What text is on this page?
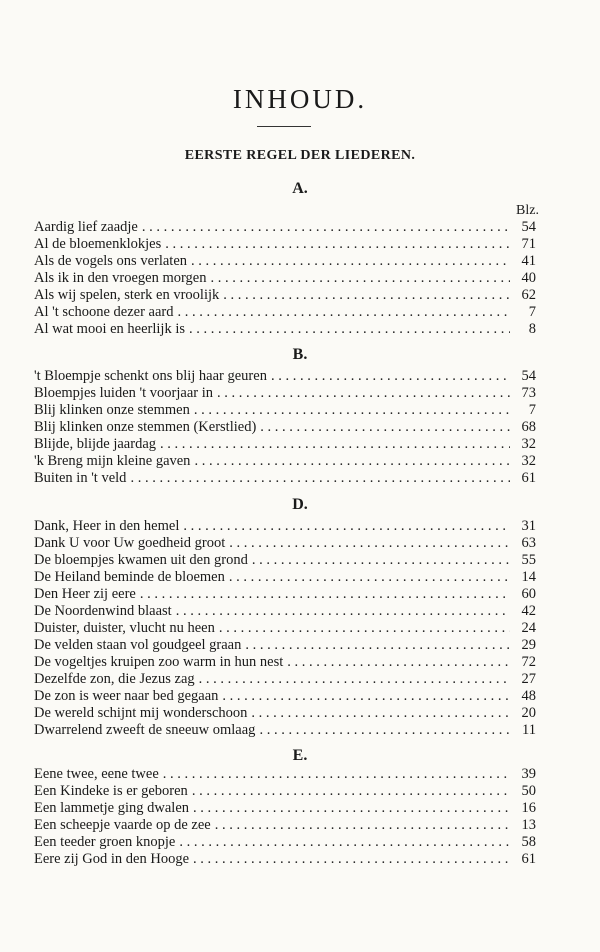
INHOUD.
EERSTE REGEL DER LIEDEREN.
A.
Blz.
B.
D.
E.
Aardig lief zaadje . . .	54
Al de bloemenklokjes . . .	71
Als de vogels ons verlaten . . .	41
Als ik in den vroegen morgen . . .	40
Als wij spelen, sterk en vroolijk . . .	62
Al 't schoone dezer aard . . .	7
Al wat mooi en heerlijk is . . .	8
't Bloempje schenkt ons blij haar geuren . . .	54
Bloempjes luiden 't voorjaar in . . .	73
Blij klinken onze stemmen . . .	7
Blij klinken onze stemmen (Kerstlied) . . .	68
Blijde, blijde jaardag . . .	32
'k Breng mijn kleine gaven . . .	32
Buiten in 't veld . . .	61
Dank, Heer in den hemel . . .	31
Dank U voor Uw goedheid groot . . .	63
De bloempjes kwamen uit den grond . . .	55
De Heiland beminde de bloemen . . .	14
Den Heer zij eere . . .	60
De Noordenwind blaast . . .	42
Duister, duister, vlucht nu heen . . .	24
De velden staan vol goudgeel graan . . .	29
De vogeltjes kruipen zoo warm in hun nest . . .	72
Dezelfde zon, die Jezus zag . . .	27
De zon is weer naar bed gegaan . . .	48
De wereld schijnt mij wonderschoon . . .	20
Dwarrelend zweeft de sneeuw omlaag . . .	11
Eene twee, eene twee . . .	39
Een Kindeke is er geboren . . .	50
Een lammetje ging dwalen . . .	16
Een scheepje vaarde op de zee . . .	13
Een teeder groen knopje . . .	58
Eere zij God in den Hooge . . .	61
